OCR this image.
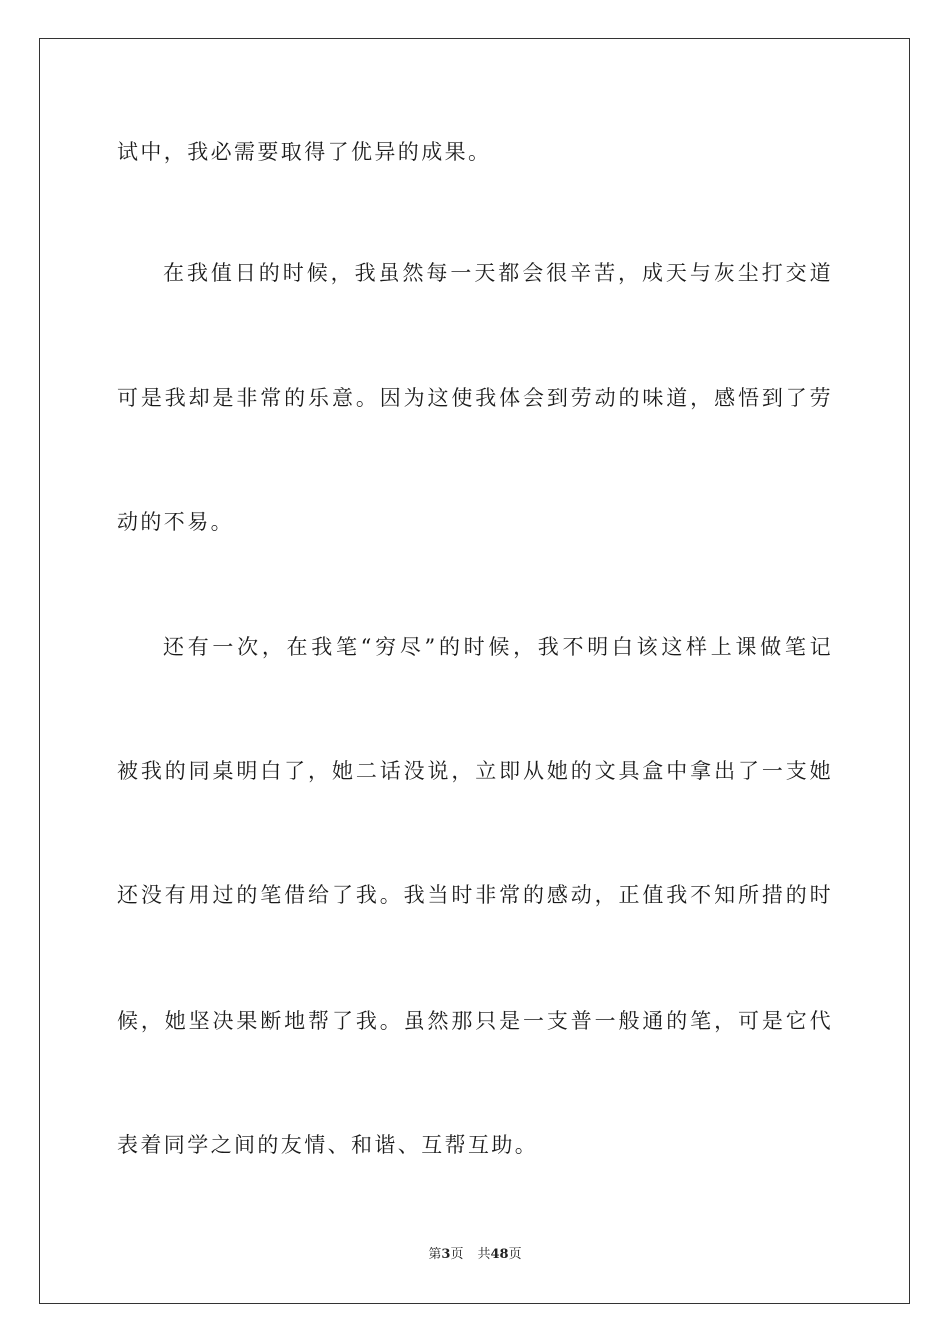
试中，我必需要取得了优异的成果。
在我值日的时候，我虽然每一天都会很辛苦，成天与灰尘打交道
可是我却是非常的乐意。因为这使我体会到劳动的味道，感悟到了劳
动的不易。
还有一次，在我笔“穷尽”的时候，我不明白该这样上课做笔记
被我的同桌明白了，她二话没说，立即从她的文具盒中拿出了一支她
还没有用过的笔借给了我。我当时非常的感动，正值我不知所措的时
候，她坚决果断地帮了我。虽然那只是一支普一般通的笔，可是它代
表着同学之间的友情、和谐、互帮互助。
第3页 共48页
